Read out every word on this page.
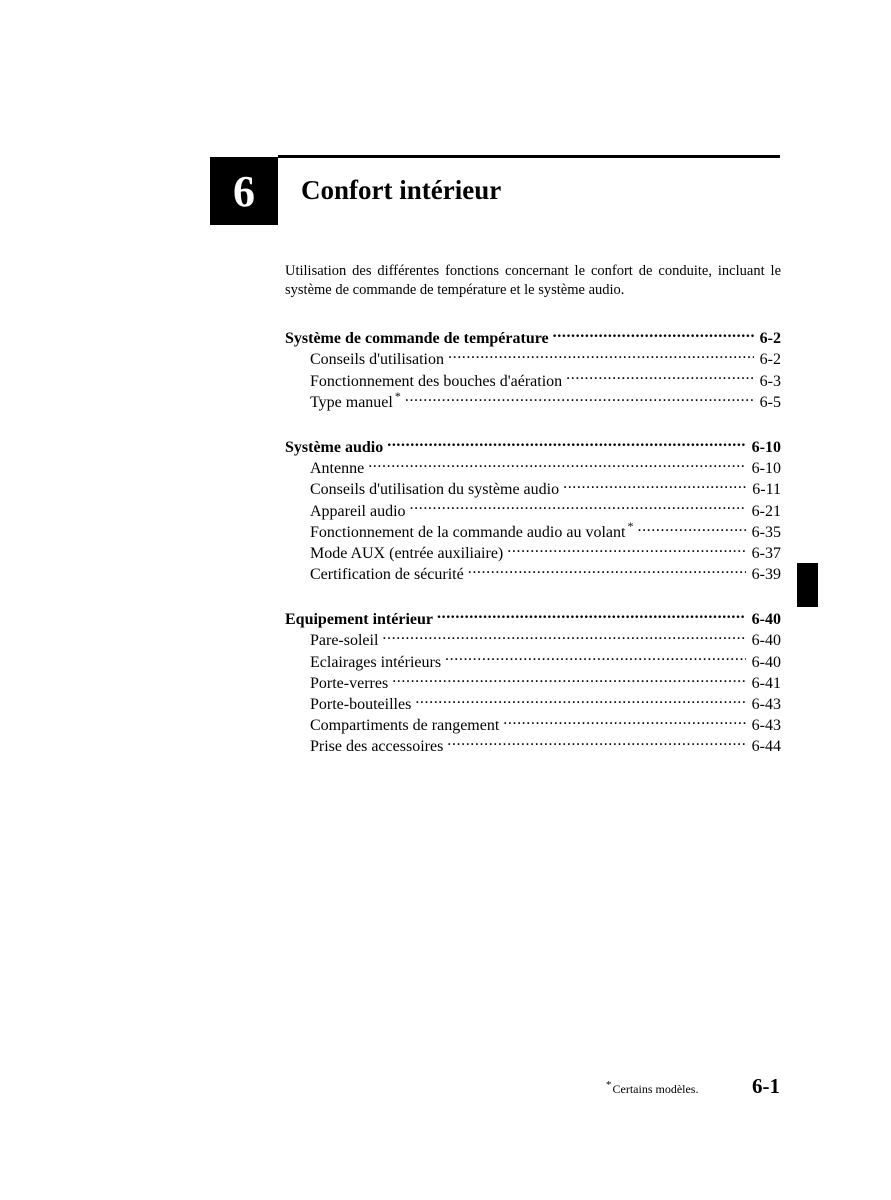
6 Confort intérieur
Utilisation des différentes fonctions concernant le confort de conduite, incluant le système de commande de température et le système audio.
Système de commande de température .....	6-2
Conseils d'utilisation .....	6-2
Fonctionnement des bouches d'aération .....	6-3
Type manuel * .....	6-5
Système audio .....	6-10
Antenne .....	6-10
Conseils d'utilisation du système audio .....	6-11
Appareil audio .....	6-21
Fonctionnement de la commande audio au volant * .....	6-35
Mode AUX (entrée auxiliaire) .....	6-37
Certification de sécurité .....	6-39
Equipement intérieur .....	6-40
Pare-soleil .....	6-40
Eclairages intérieurs .....	6-40
Porte-verres .....	6-41
Porte-bouteilles .....	6-43
Compartiments de rangement .....	6-43
Prise des accessoires .....	6-44
*Certains modèles.	6-1
